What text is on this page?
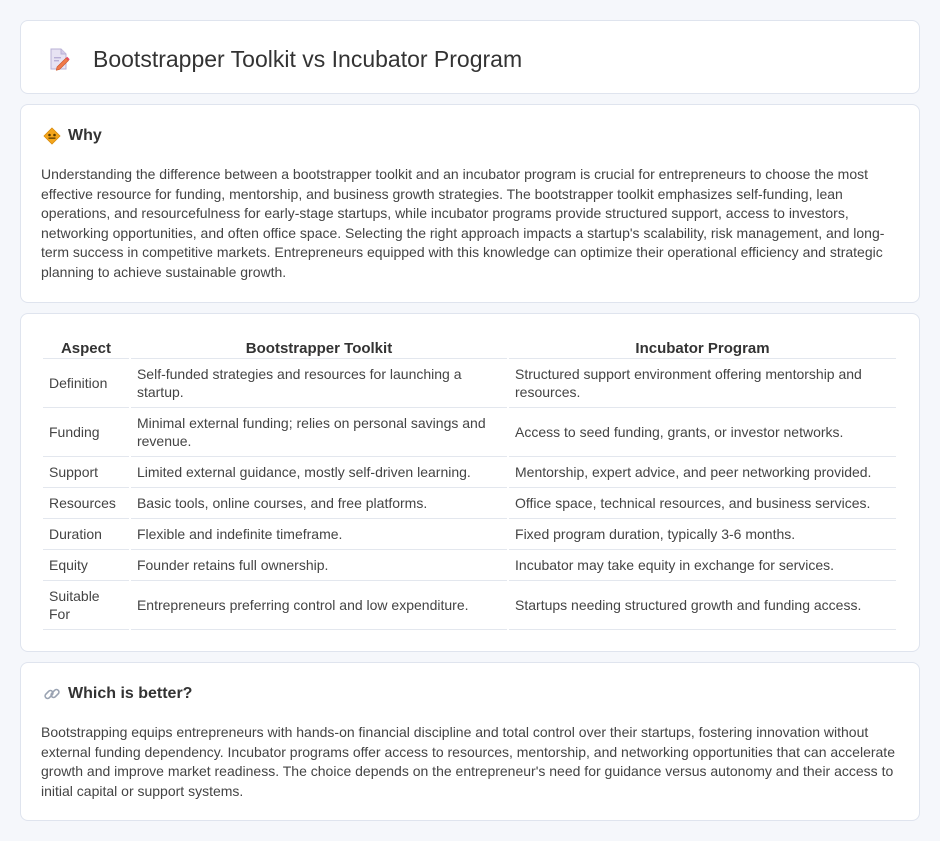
Bootstrapper Toolkit vs Incubator Program
Why

Understanding the difference between a bootstrapper toolkit and an incubator program is crucial for entrepreneurs to choose the most effective resource for funding, mentorship, and business growth strategies. The bootstrapper toolkit emphasizes self-funding, lean operations, and resourcefulness for early-stage startups, while incubator programs provide structured support, access to investors, networking opportunities, and often office space. Selecting the right approach impacts a startup's scalability, risk management, and long-term success in competitive markets. Entrepreneurs equipped with this knowledge can optimize their operational efficiency and strategic planning to achieve sustainable growth.

Aspect	Bootstrapper Toolkit	Incubator Program
Definition	Self-funded strategies and resources for launching a startup.	Structured support environment offering mentorship and resources.
Funding	Minimal external funding; relies on personal savings and revenue.	Access to seed funding, grants, or investor networks.
Support	Limited external guidance, mostly self-driven learning.	Mentorship, expert advice, and peer networking provided.
Resources	Basic tools, online courses, and free platforms.	Office space, technical resources, and business services.
Duration	Flexible and indefinite timeframe.	Fixed program duration, typically 3-6 months.
Equity	Founder retains full ownership.	Incubator may take equity in exchange for services.
Suitable For	Entrepreneurs preferring control and low expenditure.	Startups needing structured growth and funding access.
Which is better?

Bootstrapping equips entrepreneurs with hands-on financial discipline and total control over their startups, fostering innovation without external funding dependency. Incubator programs offer access to resources, mentorship, and networking opportunities that can accelerate growth and improve market readiness. The choice depends on the entrepreneur's need for guidance versus autonomy and their access to initial capital or support systems.
